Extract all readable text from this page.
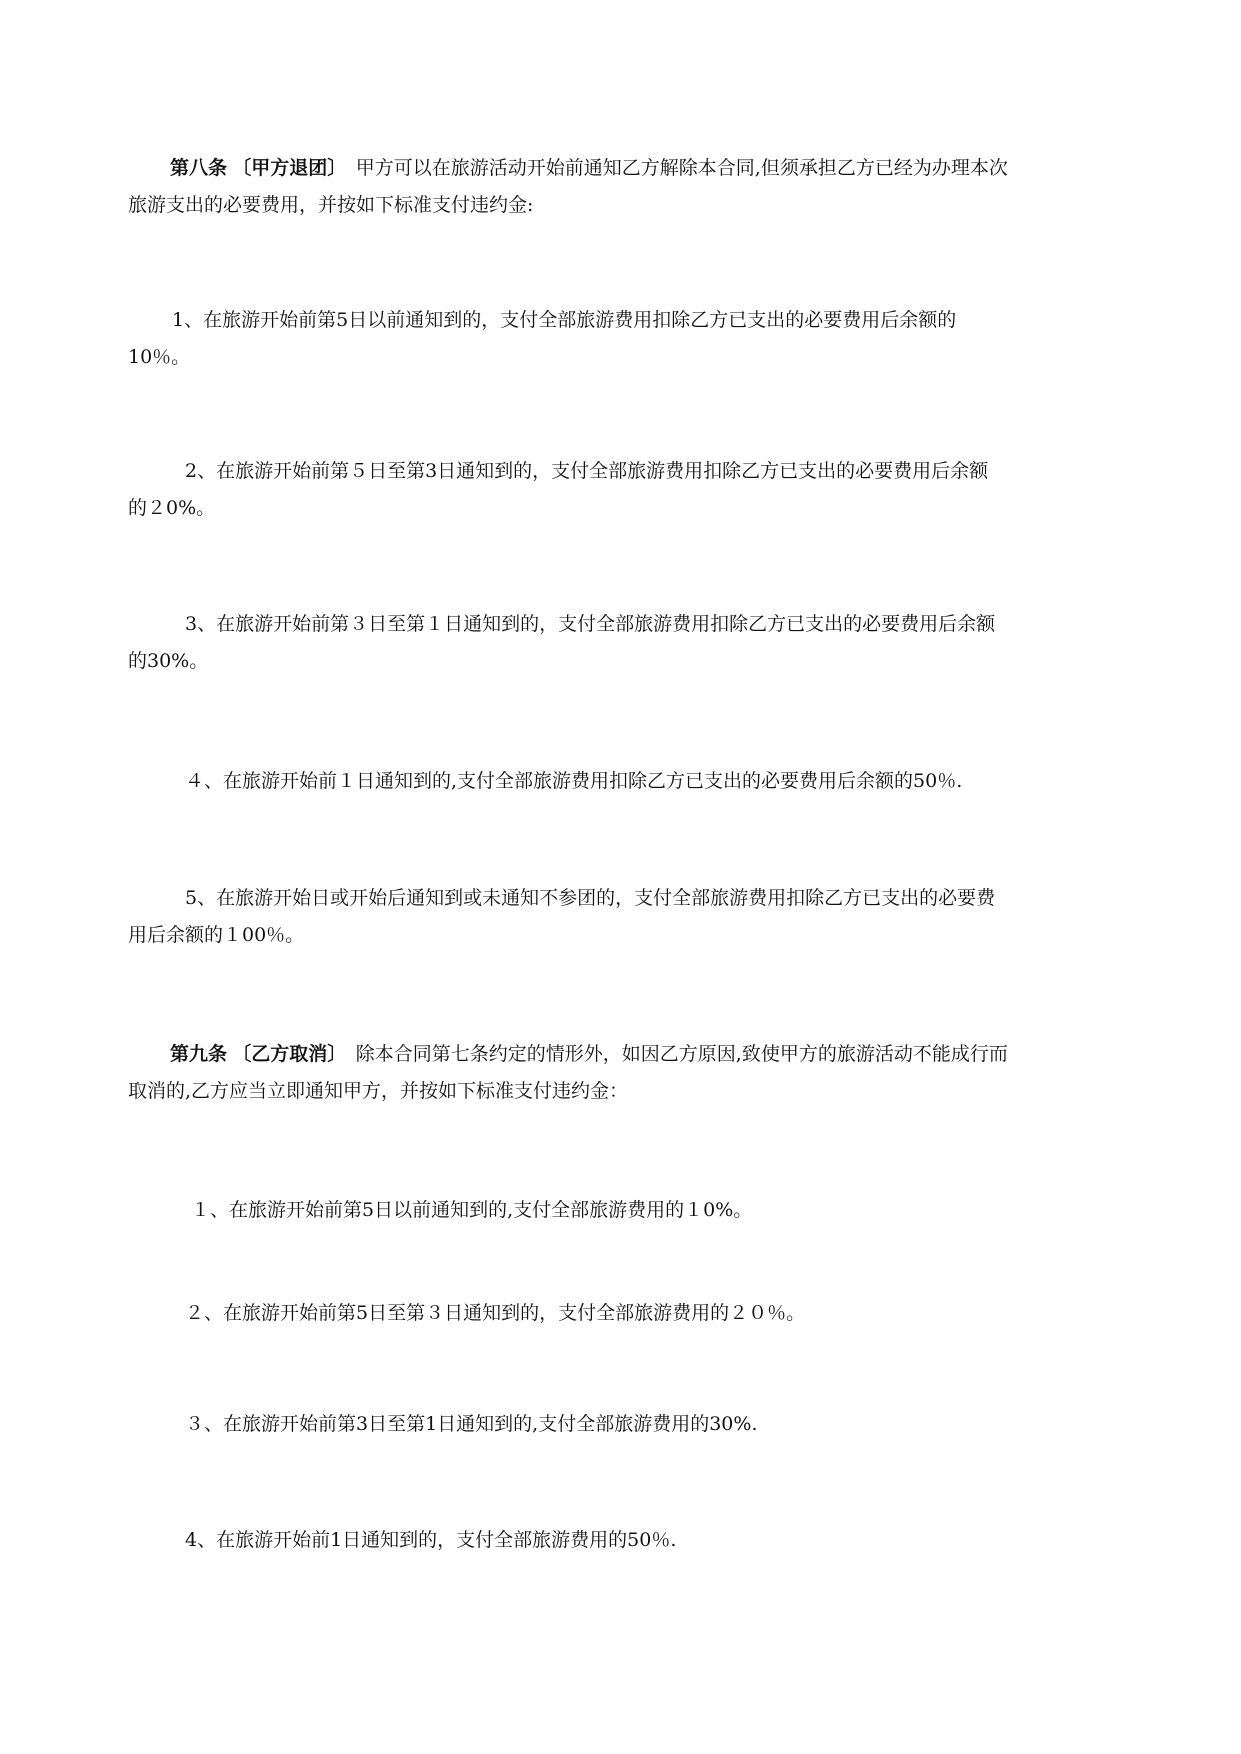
第八条 〔甲方退团〕　甲方可以在旅游活动开始前通知乙方解除本合同,但须承担乙方已经为办理本次
旅游支出的必要费用，并按如下标准支付违约金:

　　 1、在旅游开始前第5日以前通知到的，支付全部旅游费用扣除乙方已支出的必要费用后余额的
10％。

　　　2、在旅游开始前第５日至第3日通知到的，支付全部旅游费用扣除乙方已支出的必要费用后余额
的２0%。

　　　3、在旅游开始前第３日至第１日通知到的，支付全部旅游费用扣除乙方已支出的必要费用后余额
的30%。

　　　４、在旅游开始前１日通知到的,支付全部旅游费用扣除乙方已支出的必要费用后余额的50％.

　　　5、在旅游开始日或开始后通知到或未通知不参团的，支付全部旅游费用扣除乙方已支出的必要费
用后余额的１00％。

第九条 〔乙方取消〕　除本合同第七条约定的情形外，如因乙方原因,致使甲方的旅游活动不能成行而
取消的,乙方应当立即通知甲方，并按如下标准支付违约金：

　　　 １、在旅游开始前第5日以前通知到的,支付全部旅游费用的１0%。

　　　２、在旅游开始前第5日至第３日通知到的，支付全部旅游费用的２０％。

　　　３、在旅游开始前第3日至第1日通知到的,支付全部旅游费用的30%.

　　　4、在旅游开始前1日通知到的，支付全部旅游费用的50％.
